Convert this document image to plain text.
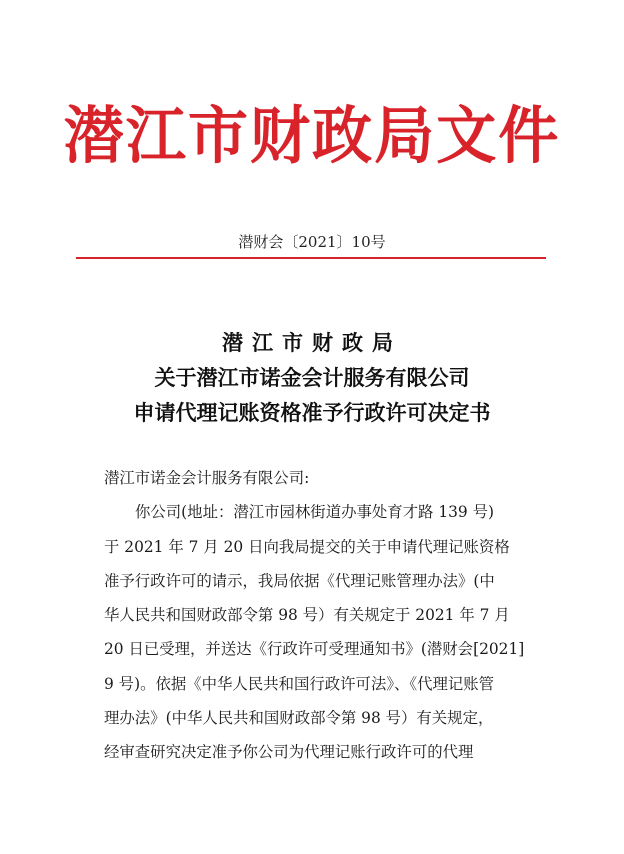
潜江市财政局文件
潜财会〔2021〕10号
潜江市财政局
关于潜江市诺金会计服务有限公司
申请代理记账资格准予行政许可决定书
潜江市诺金会计服务有限公司:
你公司(地址：潜江市园林街道办事处育才路 139 号)
于 2021 年 7 月 20 日向我局提交的关于申请代理记账资格
准予行政许可的请示，我局依据《代理记账管理办法》(中
华人民共和国财政部令第 98 号）有关规定于 2021 年 7 月
20 日已受理，并送达《行政许可受理通知书》(潜财会[2021]
9 号)。依据《中华人民共和国行政许可法》、《代理记账管
理办法》(中华人民共和国财政部令第 98 号）有关规定，
经审查研究决定准予你公司为代理记账行政许可的代理
